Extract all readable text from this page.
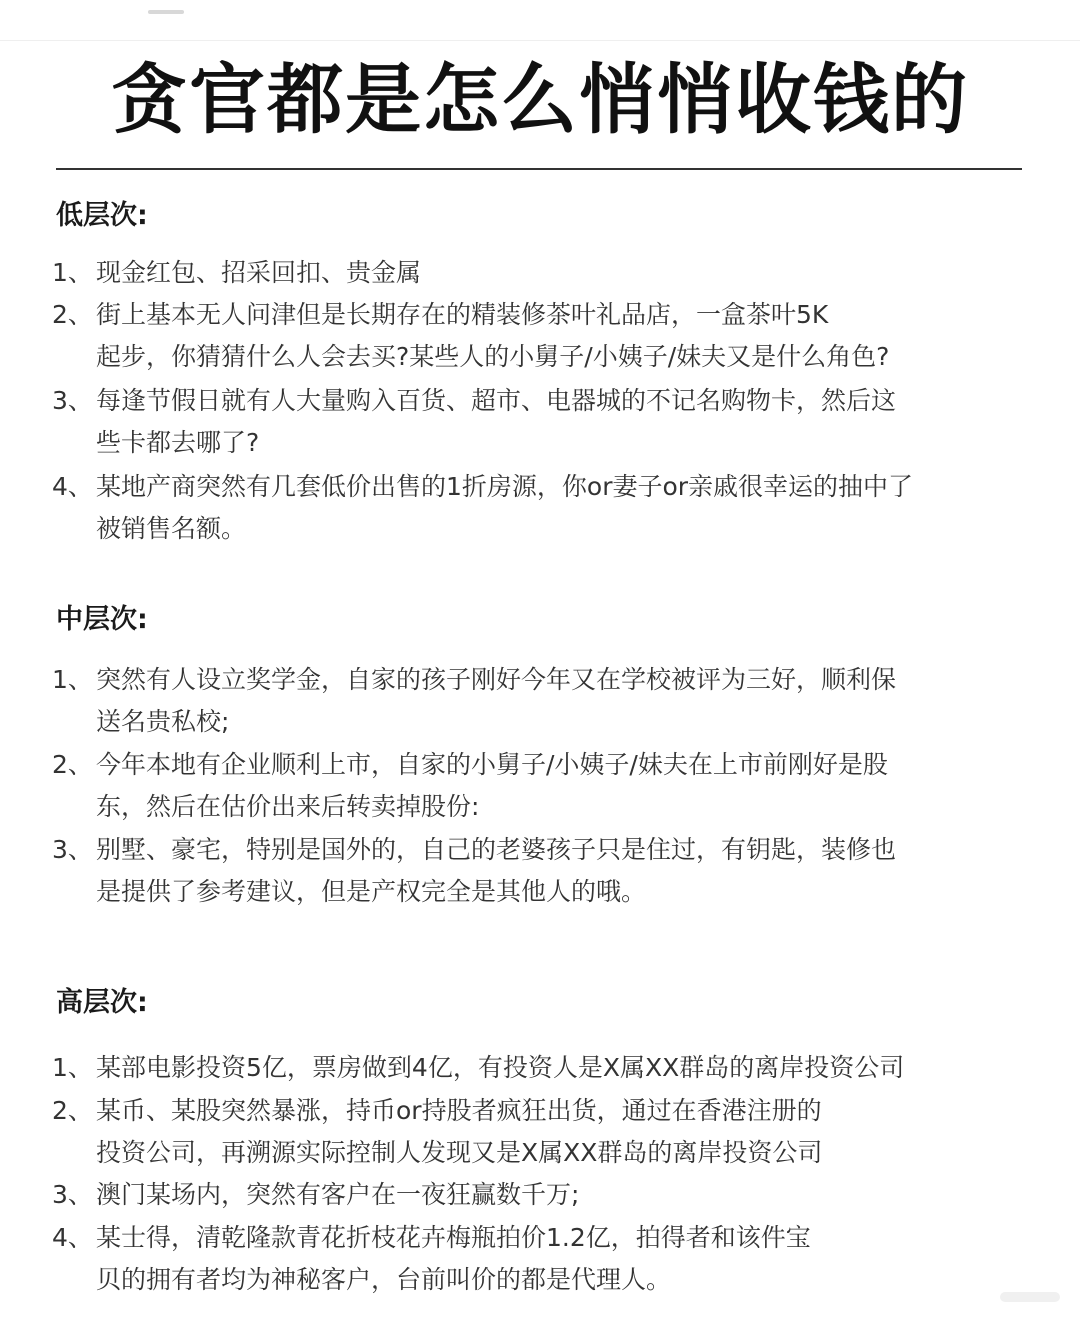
贪官都是怎么悄悄收钱的
低层次:
1、 现金红包、招采回扣、贵金属
2、 街上基本无人问津但是长期存在的精装修茶叶礼品店，一盒茶叶5K
起步，你猜猜什么人会去买?某些人的小舅子/小姨子/妹夫又是什么角色?
3、 每逢节假日就有人大量购入百货、超市、电器城的不记名购物卡，然后这
些卡都去哪了?
4、 某地产商突然有几套低价出售的1折房源，你or妻子or亲戚很幸运的抽中了
被销售名额。
中层次:
1、 突然有人设立奖学金，自家的孩子刚好今年又在学校被评为三好，顺利保
送名贵私校;
2、 今年本地有企业顺利上市，自家的小舅子/小姨子/妹夫在上市前刚好是股
东，然后在估价出来后转卖掉股份:
3、 别墅、豪宅，特别是国外的，自己的老婆孩子只是住过，有钥匙，装修也
是提供了参考建议，但是产权完全是其他人的哦。
高层次:
1、 某部电影投资5亿，票房做到4亿，有投资人是X属XX群岛的离岸投资公司
2、 某币、某股突然暴涨，持币or持股者疯狂出货，通过在香港注册的
投资公司，再溯源实际控制人发现又是X属XX群岛的离岸投资公司
3、 澳门某场内，突然有客户在一夜狂赢数千万;
4、 某士得，清乾隆款青花折枝花卉梅瓶拍价1.2亿，拍得者和该件宝
贝的拥有者均为神秘客户，台前叫价的都是代理人。
